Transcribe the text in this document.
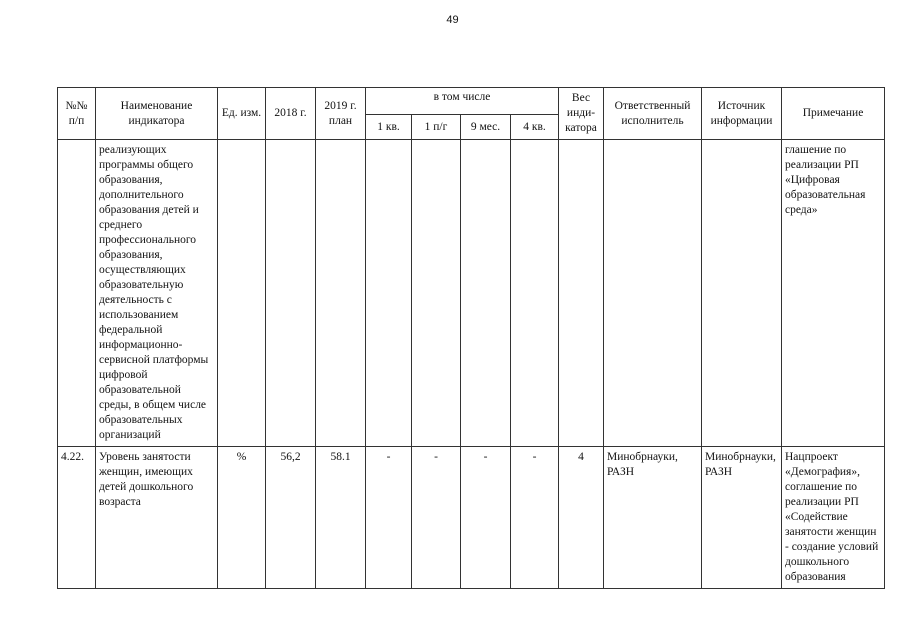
49
№№ п/п	Наименование индикатора	Ед. изм.	2018 г.	2019 г. план	в том числе				Вес инди- катора	Ответственный исполнитель	Источник информации	Примечание
					1 кв.	1 п/г	9 мес.	4 кв.				
	реализующих программы общего образования, дополнительного образования детей и среднего профессионального образования, осуществляющих образовательную деятельность с использованием федеральной информационно-сервисной платформы цифровой образовательной среды, в общем числе образовательных организаций											глашение по реализации РП «Цифровая образовательная среда»
4.22.	Уровень занятости женщин, имеющих детей дошкольного возраста	%	56,2	58.1	-	-	-	-	4	Минобрнауки, РАЗН	Минобрнауки, РАЗН	Нацпроект «Демография», соглашение по реализации РП «Содействие занятости женщин - создание условий дошкольного образования
